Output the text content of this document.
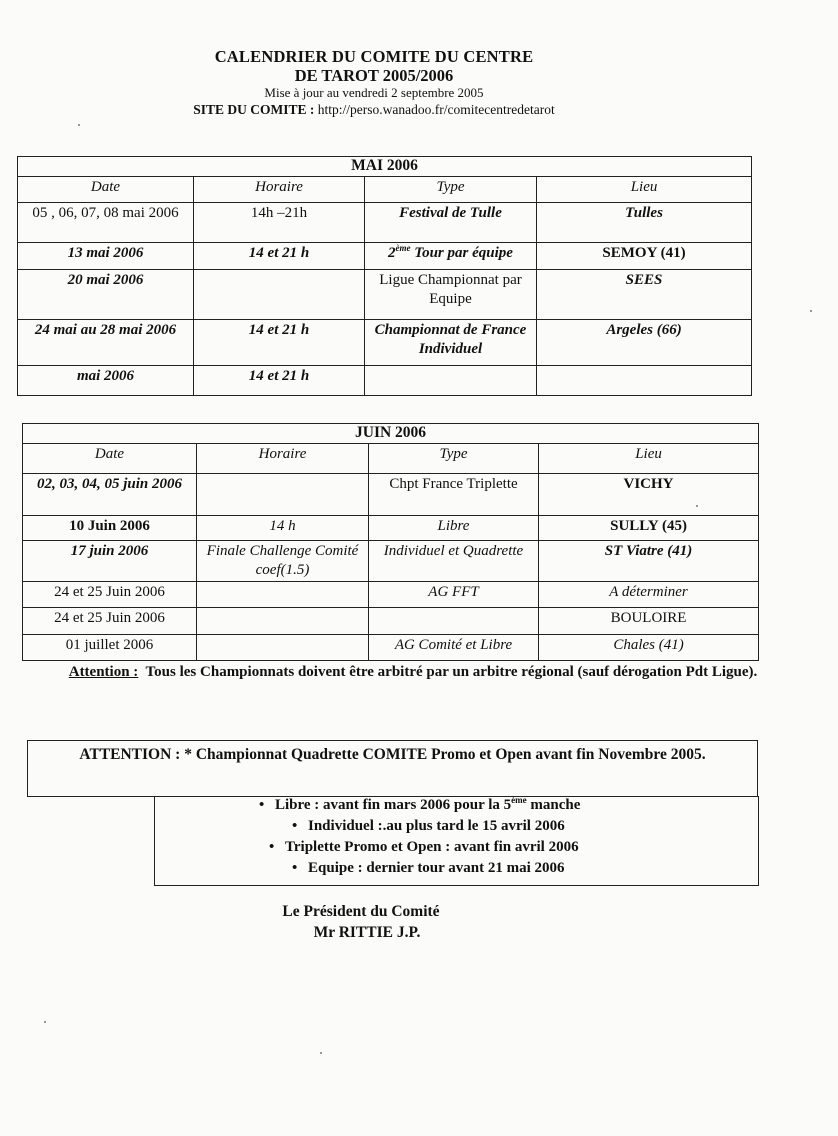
CALENDRIER DU COMITE DU CENTRE
DE TAROT 2005/2006
Mise à jour au vendredi 2 septembre 2005
SITE DU COMITE : http://perso.wanadoo.fr/comitecentredetarot
MAI 2006			
Date	Horaire	Type	Lieu
05 , 06, 07, 08 mai 2006	14h –21h	Festival de Tulle	Tulles
13 mai 2006	14 et 21 h	2ème Tour par équipe	SEMOY (41)
20 mai 2006		Ligue Championnat par Equipe	SEES
24 mai au 28 mai 2006	14 et 21 h	Championnat de France Individuel	Argeles (66)
mai 2006	14 et 21 h		
JUIN 2006			
Date	Horaire	Type	Lieu
02, 03, 04, 05 juin 2006		Chpt France Triplette	VICHY
10 Juin 2006	14 h	Libre	SULLY (45)
17 juin 2006	Finale Challenge Comité coef(1.5)	Individuel et Quadrette	ST Viatre (41)
24 et 25 Juin 2006		AG FFT	A déterminer
24 et 25 Juin 2006			BOULOIRE
01 juillet 2006		AG Comité et Libre	Chales (41)
Attention : Tous les Championnats doivent être arbitré par un arbitre régional (sauf dérogation Pdt Ligue).
ATTENTION : * Championnat Quadrette COMITE Promo et Open avant fin Novembre 2005.
• Libre : avant fin mars 2006 pour la 5ème manche
• Individuel :.au plus tard le 15 avril 2006
• Triplette Promo et Open : avant fin avril 2006
• Equipe : dernier tour avant 21 mai 2006
Le Président du Comité
Mr RITTIE J.P.
